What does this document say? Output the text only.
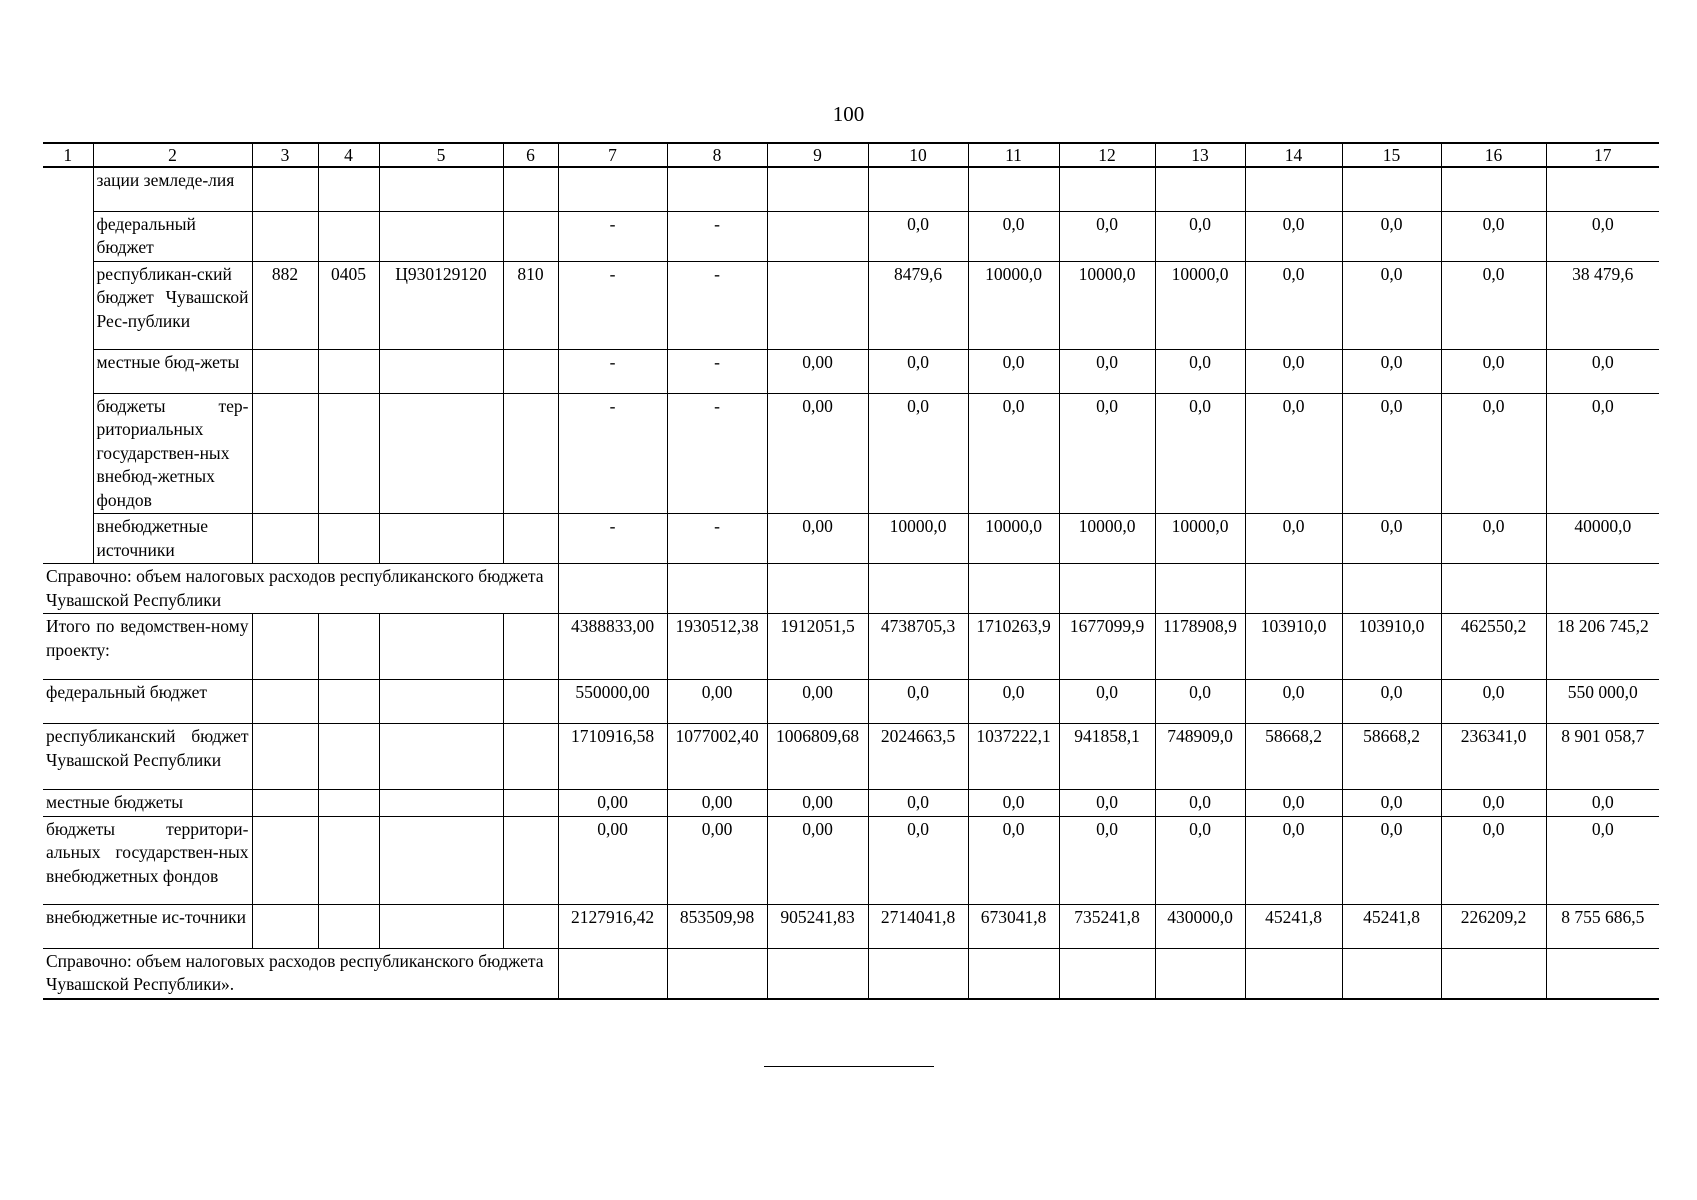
100
1	2	3	4	5	6	7	8	9	10	11	12	13	14	15	16	17
	зации земледе-лия															
	федеральный бюджет					-	-		0,0	0,0	0,0	0,0	0,0	0,0	0,0	0,0
	республикан-ский бюджет Чувашской Рес-публики	882	0405	Ц930129120	810	-	-		8479,6	10000,0	10000,0	10000,0	0,0	0,0	0,0	38 479,6
	местные бюд-жеты					-	-	0,00	0,0	0,0	0,0	0,0	0,0	0,0	0,0	0,0
	бюджеты тер-риториальных государствен-ных внебюд-жетных фондов					-	-	0,00	0,0	0,0	0,0	0,0	0,0	0,0	0,0	0,0
	внебюджетные источники					-	-	0,00	10000,0	10000,0	10000,0	10000,0	0,0	0,0	0,0	40000,0
Справочно: объем налоговых расходов республиканского бюджета Чувашской Республики																
Итого по ведомствен-ному проекту:						4388833,00	1930512,38	1912051,5	4738705,3	1710263,9	1677099,9	1178908,9	103910,0	103910,0	462550,2	18 206 745,2
федеральный бюджет						550000,00	0,00	0,00	0,0	0,0	0,0	0,0	0,0	0,0	0,0	550 000,0
республиканский бюджет Чувашской Республики						1710916,58	1077002,40	1006809,68	2024663,5	1037222,1	941858,1	748909,0	58668,2	58668,2	236341,0	8 901 058,7
местные бюджеты						0,00	0,00	0,00	0,0	0,0	0,0	0,0	0,0	0,0	0,0	0,0
бюджеты территори-альных государствен-ных внебюджетных фондов						0,00	0,00	0,00	0,0	0,0	0,0	0,0	0,0	0,0	0,0	0,0
внебюджетные ис-точники						2127916,42	853509,98	905241,83	2714041,8	673041,8	735241,8	430000,0	45241,8	45241,8	226209,2	8 755 686,5
Справочно: объем налоговых расходов республиканского бюджета Чувашской Республики».																
